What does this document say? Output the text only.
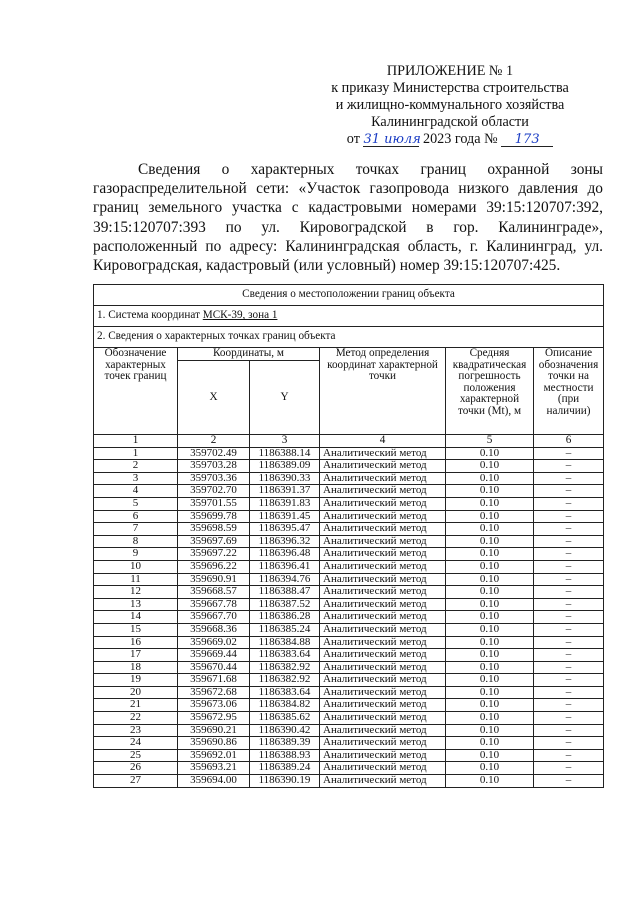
ПРИЛОЖЕНИЕ № 1
к приказу Министерства строительства
и жилищно-коммунального хозяйства
Калининградской области
от 31 июля 2023 года № 173

Сведения о характерных точках границ охранной зоны газораспределительной сети: «Участок газопровода низкого давления до границ земельного участка с кадастровыми номерами 39:15:120707:392, 39:15:120707:393 по ул. Кировоградской в гор. Калининграде», расположенный по адресу: Калининградская область, г. Калининград, ул. Кировоградская, кадастровый (или условный) номер 39:15:120707:425.

Сведения о местоположении границ объекта					
1. Система координат МСК-39, зона 1					
2. Сведения о характерных точках границ объекта					
Обозначение характерных точек границ	Координаты, м		Метод определения координат характерной точки	Средняя квадратическая погрешность положения характерной точки (Mt), м	Описание обозначения точки на местности (при наличии)
	X	Y			
1	2	3	4	5	6
1	359702.49	1186388.14	Аналитический метод	0.10	–
2	359703.28	1186389.09	Аналитический метод	0.10	–
3	359703.36	1186390.33	Аналитический метод	0.10	–
4	359702.70	1186391.37	Аналитический метод	0.10	–
5	359701.55	1186391.83	Аналитический метод	0.10	–
6	359699.78	1186391.45	Аналитический метод	0.10	–
7	359698.59	1186395.47	Аналитический метод	0.10	–
8	359697.69	1186396.32	Аналитический метод	0.10	–
9	359697.22	1186396.48	Аналитический метод	0.10	–
10	359696.22	1186396.41	Аналитический метод	0.10	–
11	359690.91	1186394.76	Аналитический метод	0.10	–
12	359668.57	1186388.47	Аналитический метод	0.10	–
13	359667.78	1186387.52	Аналитический метод	0.10	–
14	359667.70	1186386.28	Аналитический метод	0.10	–
15	359668.36	1186385.24	Аналитический метод	0.10	–
16	359669.02	1186384.88	Аналитический метод	0.10	–
17	359669.44	1186383.64	Аналитический метод	0.10	–
18	359670.44	1186382.92	Аналитический метод	0.10	–
19	359671.68	1186382.92	Аналитический метод	0.10	–
20	359672.68	1186383.64	Аналитический метод	0.10	–
21	359673.06	1186384.82	Аналитический метод	0.10	–
22	359672.95	1186385.62	Аналитический метод	0.10	–
23	359690.21	1186390.42	Аналитический метод	0.10	–
24	359690.86	1186389.39	Аналитический метод	0.10	–
25	359692.01	1186388.93	Аналитический метод	0.10	–
26	359693.21	1186389.24	Аналитический метод	0.10	–
27	359694.00	1186390.19	Аналитический метод	0.10	–
